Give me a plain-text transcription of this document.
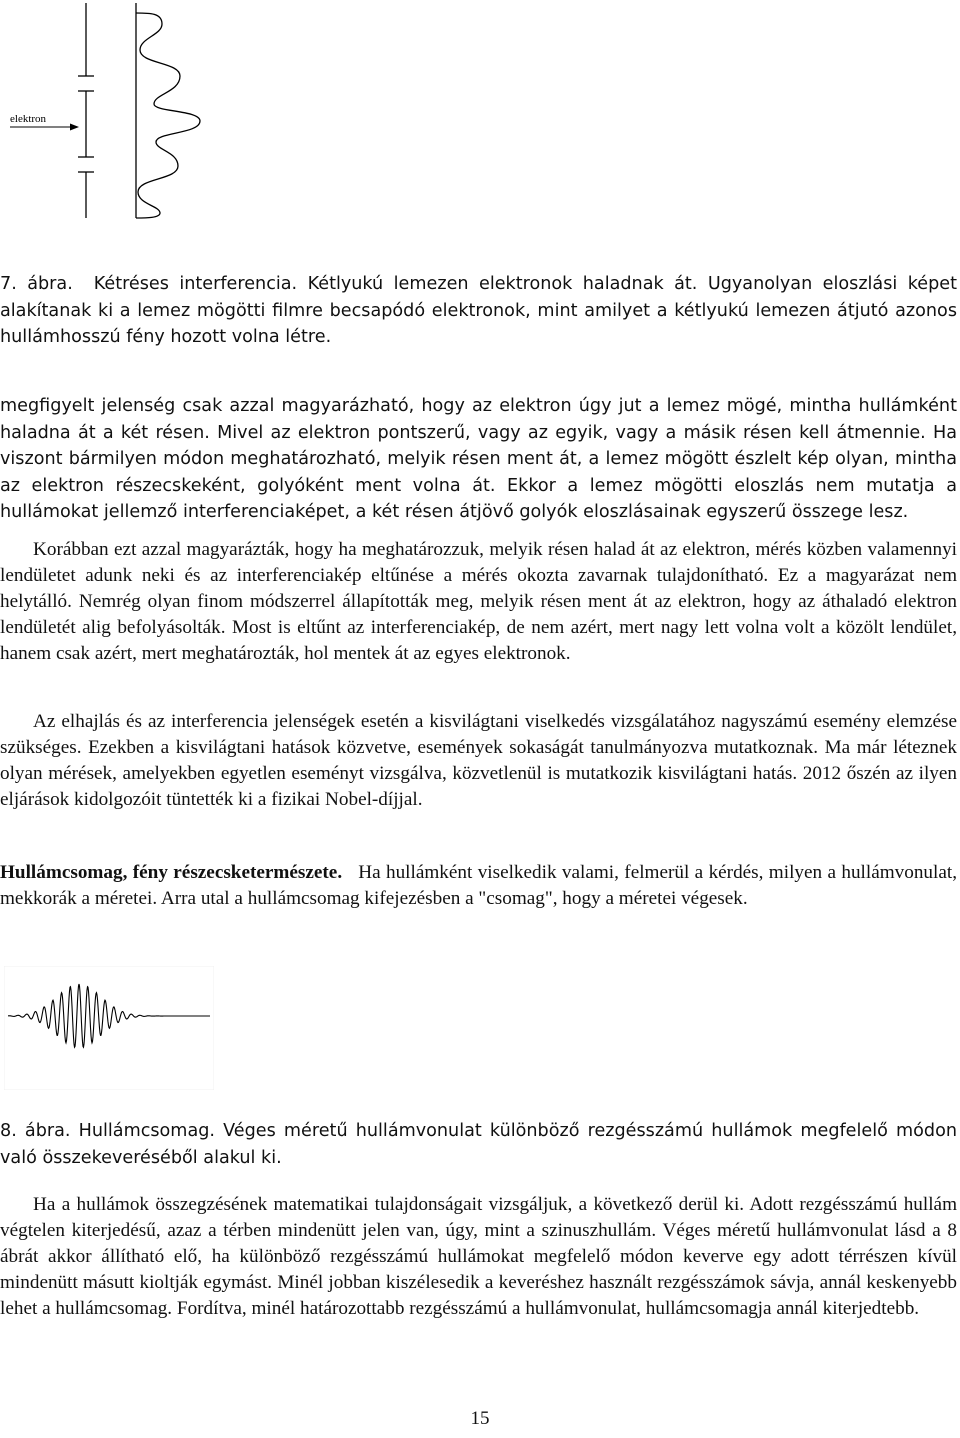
elektron

7. ábra. Kétréses interferencia. Kétlyukú lemezen elektronok haladnak át. Ugyanolyan eloszlási képet alakítanak ki a lemez mögötti filmre becsapódó elektronok, mint amilyet a kétlyukú lemezen átjutó azonos hullámhosszú fény hozott volna létre.

megfigyelt jelenség csak azzal magyarázható, hogy az elektron úgy jut a lemez mögé, mintha hullámként haladna át a két résen. Mivel az elektron pontszerű, vagy az egyik, vagy a másik résen kell átmennie. Ha viszont bármilyen módon meghatározható, melyik résen ment át, a lemez mögött észlelt kép olyan, mintha az elektron részecskeként, golyóként ment volna át. Ekkor a lemez mögötti eloszlás nem mutatja a hullámokat jellemző interferenciaképet, a két résen átjövő golyók eloszlásainak egyszerű összege lesz.

Korábban ezt azzal magyarázták, hogy ha meghatározzuk, melyik résen halad át az elektron, mérés közben valamennyi lendületet adunk neki és az interferenciakép eltűnése a mérés okozta zavarnak tulajdonítható. Ez a magyarázat nem helytálló. Nemrég olyan finom módszerrel állapították meg, melyik résen ment át az elektron, hogy az áthaladó elektron lendületét alig befolyásolták. Most is eltűnt az interferenciakép, de nem azért, mert nagy lett volna volt a közölt lendület, hanem csak azért, mert meghatározták, hol mentek át az egyes elektronok.

Az elhajlás és az interferencia jelenségek esetén a kisvilágtani viselkedés vizsgálatához nagyszámú esemény elemzése szükséges. Ezekben a kisvilágtani hatások közvetve, események sokaságát tanulmányozva mutatkoznak. Ma már léteznek olyan mérések, amelyekben egyetlen eseményt vizsgálva, közvetlenül is mutatkozik kisvilágtani hatás. 2012 őszén az ilyen eljárások kidolgozóit tüntették ki a fizikai Nobel-díjjal.

Hullámcsomag, fény részecsketermészete. Ha hullámként viselkedik valami, felmerül a kérdés, milyen a hullámvonulat, mekkorák a méretei. Arra utal a hullámcsomag kifejezésben a "csomag", hogy a méretei végesek.

8. ábra. Hullámcsomag. Véges méretű hullámvonulat különböző rezgésszámú hullámok megfelelő módon való összekeveréséből alakul ki.

Ha a hullámok összegzésének matematikai tulajdonságait vizsgáljuk, a következő derül ki. Adott rezgésszámú hullám végtelen kiterjedésű, azaz a térben mindenütt jelen van, úgy, mint a szinuszhullám. Véges méretű hullámvonulat lásd a 8 ábrát akkor állítható elő, ha különböző rezgésszámú hullámokat megfelelő módon keverve egy adott térrészen kívül mindenütt másutt kioltják egymást. Minél jobban kiszélesedik a keveréshez használt rezgésszámok sávja, annál keskenyebb lehet a hullámcsomag. Fordítva, minél határozottabb rezgésszámú a hullámvonulat, hullámcsomagja annál kiterjedtebb.

15
